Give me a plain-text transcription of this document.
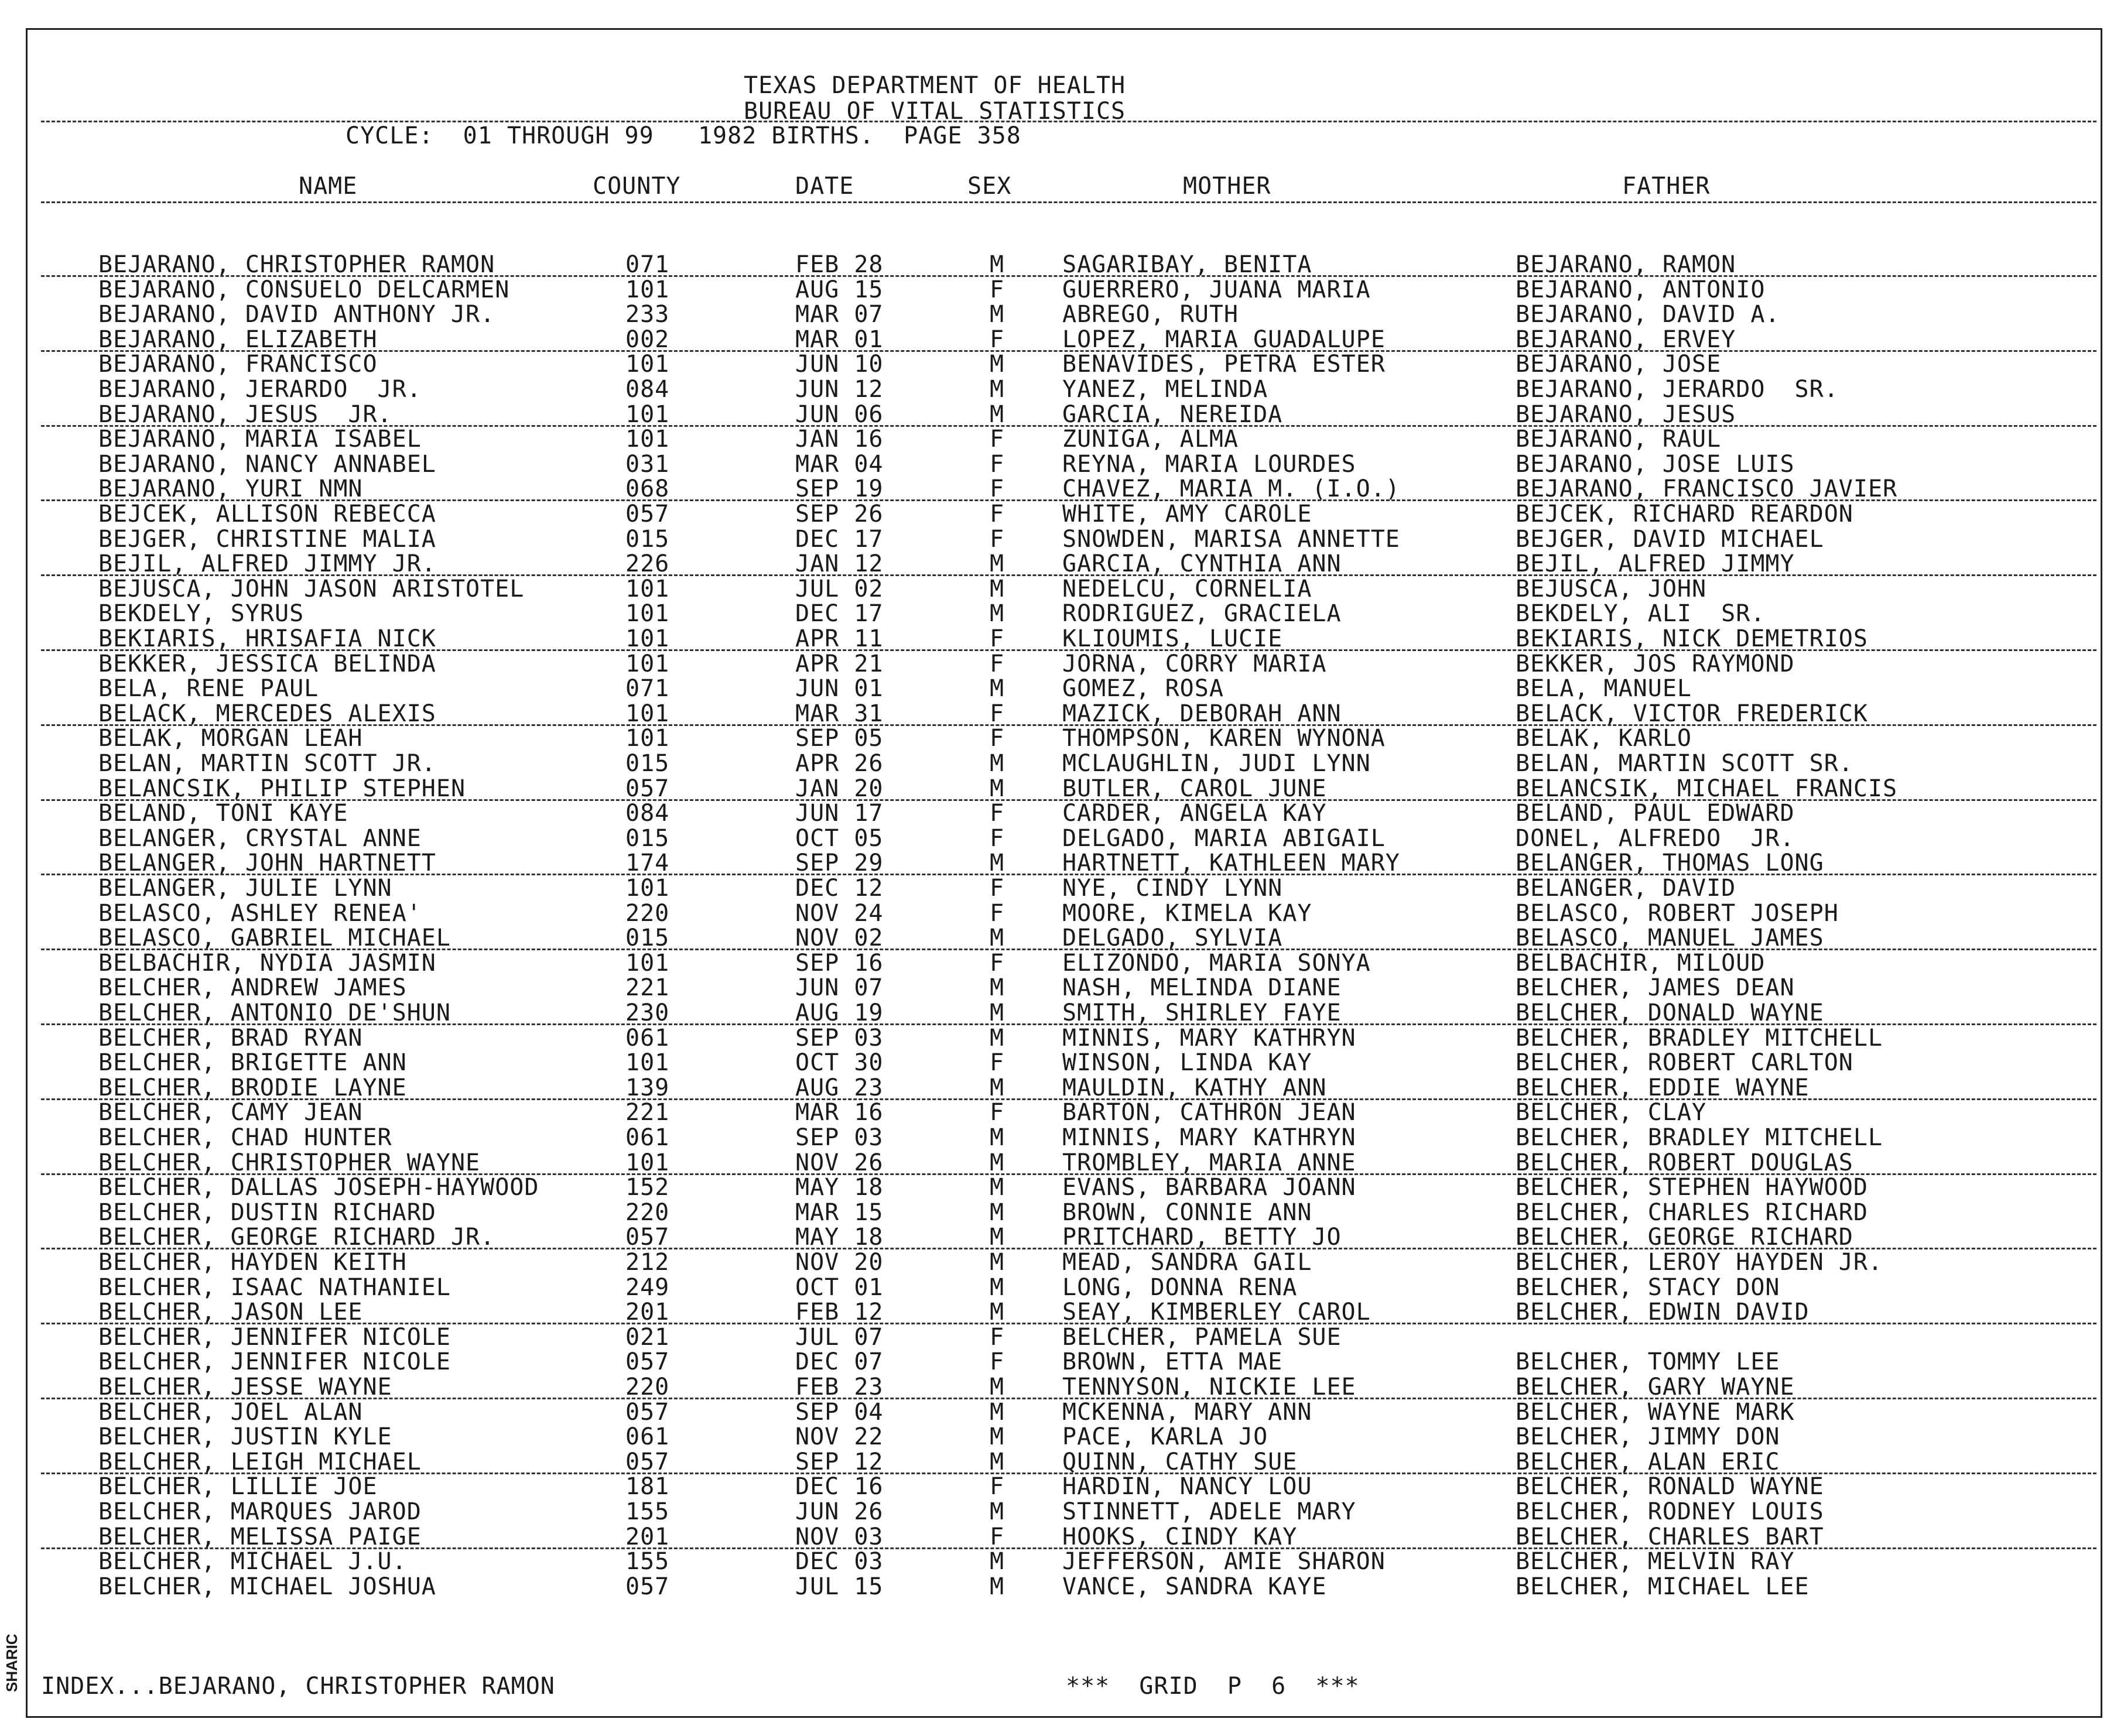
SHARIC
TEXAS DEPARTMENT OF HEALTH
BUREAU OF VITAL STATISTICS
CYCLE:  01 THROUGH 99   1982 BIRTHS.  PAGE 358
NAME	COUNTY	DATE	SEX	MOTHER	FATHER
BEJARANO, CHRISTOPHER RAMON	071	FEB 28	M SAGARIBAY, BENITA	BEJARANO, RAMON
BEJARANO, CONSUELO DELCARMEN	101	AUG 15	F GUERRERO, JUANA MARIA	BEJARANO, ANTONIO
BEJARANO, DAVID ANTHONY JR.	233	MAR 07	M ABREGO, RUTH	BEJARANO, DAVID A.
BEJARANO, ELIZABETH	002	MAR 01	F LOPEZ, MARIA GUADALUPE	BEJARANO, ERVEY
BEJARANO, FRANCISCO	101	JUN 10	M BENAVIDES, PETRA ESTER	BEJARANO, JOSE
BEJARANO, JERARDO  JR.	084	JUN 12	M YANEZ, MELINDA	BEJARANO, JERARDO  SR.
BEJARANO, JESUS  JR.	101	JUN 06	M GARCIA, NEREIDA	BEJARANO, JESUS
BEJARANO, MARIA ISABEL	101	JAN 16	F ZUNIGA, ALMA	BEJARANO, RAUL
BEJARANO, NANCY ANNABEL	031	MAR 04	F REYNA, MARIA LOURDES	BEJARANO, JOSE LUIS
BEJARANO, YURI NMN	068	SEP 19	F CHAVEZ, MARIA M. (I.O.)	BEJARANO, FRANCISCO JAVIER
BEJCEK, ALLISON REBECCA	057	SEP 26	F WHITE, AMY CAROLE	BEJCEK, RICHARD REARDON
BEJGER, CHRISTINE MALIA	015	DEC 17	F SNOWDEN, MARISA ANNETTE	BEJGER, DAVID MICHAEL
BEJIL, ALFRED JIMMY JR.	226	JAN 12	M GARCIA, CYNTHIA ANN	BEJIL, ALFRED JIMMY
BEJUSCA, JOHN JASON ARISTOTEL	101	JUL 02	M NEDELCU, CORNELIA	BEJUSCA, JOHN
BEKDELY, SYRUS	101	DEC 17	M RODRIGUEZ, GRACIELA	BEKDELY, ALI  SR.
BEKIARIS, HRISAFIA NICK	101	APR 11	F KLIOUMIS, LUCIE	BEKIARIS, NICK DEMETRIOS
BEKKER, JESSICA BELINDA	101	APR 21	F JORNA, CORRY MARIA	BEKKER, JOS RAYMOND
BELA, RENE PAUL	071	JUN 01	M GOMEZ, ROSA	BELA, MANUEL
BELACK, MERCEDES ALEXIS	101	MAR 31	F MAZICK, DEBORAH ANN	BELACK, VICTOR FREDERICK
BELAK, MORGAN LEAH	101	SEP 05	F THOMPSON, KAREN WYNONA	BELAK, KARLO
BELAN, MARTIN SCOTT JR.	015	APR 26	M MCLAUGHLIN, JUDI LYNN	BELAN, MARTIN SCOTT SR.
BELANCSIK, PHILIP STEPHEN	057	JAN 20	M BUTLER, CAROL JUNE	BELANCSIK, MICHAEL FRANCIS
BELAND, TONI KAYE	084	JUN 17	F CARDER, ANGELA KAY	BELAND, PAUL EDWARD
BELANGER, CRYSTAL ANNE	015	OCT 05	F DELGADO, MARIA ABIGAIL	DONEL, ALFREDO  JR.
BELANGER, JOHN HARTNETT	174	SEP 29	M HARTNETT, KATHLEEN MARY	BELANGER, THOMAS LONG
BELANGER, JULIE LYNN	101	DEC 12	F NYE, CINDY LYNN	BELANGER, DAVID
BELASCO, ASHLEY RENEA'	220	NOV 24	F MOORE, KIMELA KAY	BELASCO, ROBERT JOSEPH
BELASCO, GABRIEL MICHAEL	015	NOV 02	M DELGADO, SYLVIA	BELASCO, MANUEL JAMES
BELBACHIR, NYDIA JASMIN	101	SEP 16	F ELIZONDO, MARIA SONYA	BELBACHIR, MILOUD
BELCHER, ANDREW JAMES	221	JUN 07	M NASH, MELINDA DIANE	BELCHER, JAMES DEAN
BELCHER, ANTONIO DE'SHUN	230	AUG 19	M SMITH, SHIRLEY FAYE	BELCHER, DONALD WAYNE
BELCHER, BRAD RYAN	061	SEP 03	M MINNIS, MARY KATHRYN	BELCHER, BRADLEY MITCHELL
BELCHER, BRIGETTE ANN	101	OCT 30	F WINSON, LINDA KAY	BELCHER, ROBERT CARLTON
BELCHER, BRODIE LAYNE	139	AUG 23	M MAULDIN, KATHY ANN	BELCHER, EDDIE WAYNE
BELCHER, CAMY JEAN	221	MAR 16	F BARTON, CATHRON JEAN	BELCHER, CLAY
BELCHER, CHAD HUNTER	061	SEP 03	M MINNIS, MARY KATHRYN	BELCHER, BRADLEY MITCHELL
BELCHER, CHRISTOPHER WAYNE	101	NOV 26	M TROMBLEY, MARIA ANNE	BELCHER, ROBERT DOUGLAS
BELCHER, DALLAS JOSEPH-HAYWOOD	152	MAY 18	M EVANS, BARBARA JOANN	BELCHER, STEPHEN HAYWOOD
BELCHER, DUSTIN RICHARD	220	MAR 15	M BROWN, CONNIE ANN	BELCHER, CHARLES RICHARD
BELCHER, GEORGE RICHARD JR.	057	MAY 18	M PRITCHARD, BETTY JO	BELCHER, GEORGE RICHARD
BELCHER, HAYDEN KEITH	212	NOV 20	M MEAD, SANDRA GAIL	BELCHER, LEROY HAYDEN JR.
BELCHER, ISAAC NATHANIEL	249	OCT 01	M LONG, DONNA RENA	BELCHER, STACY DON
BELCHER, JASON LEE	201	FEB 12	M SEAY, KIMBERLEY CAROL	BELCHER, EDWIN DAVID
BELCHER, JENNIFER NICOLE	021	JUL 07	F BELCHER, PAMELA SUE
BELCHER, JENNIFER NICOLE	057	DEC 07	F BROWN, ETTA MAE	BELCHER, TOMMY LEE
BELCHER, JESSE WAYNE	220	FEB 23	M TENNYSON, NICKIE LEE	BELCHER, GARY WAYNE
BELCHER, JOEL ALAN	057	SEP 04	M MCKENNA, MARY ANN	BELCHER, WAYNE MARK
BELCHER, JUSTIN KYLE	061	NOV 22	M PACE, KARLA JO	BELCHER, JIMMY DON
BELCHER, LEIGH MICHAEL	057	SEP 12	M QUINN, CATHY SUE	BELCHER, ALAN ERIC
BELCHER, LILLIE JOE	181	DEC 16	F HARDIN, NANCY LOU	BELCHER, RONALD WAYNE
BELCHER, MARQUES JAROD	155	JUN 26	M STINNETT, ADELE MARY	BELCHER, RODNEY LOUIS
BELCHER, MELISSA PAIGE	201	NOV 03	F HOOKS, CINDY KAY	BELCHER, CHARLES BART
BELCHER, MICHAEL J.U.	155	DEC 03	M JEFFERSON, AMIE SHARON	BELCHER, MELVIN RAY
BELCHER, MICHAEL JOSHUA	057	JUL 15	M VANCE, SANDRA KAYE	BELCHER, MICHAEL LEE
INDEX...BEJARANO, CHRISTOPHER RAMON	***  GRID  P  6  ***
